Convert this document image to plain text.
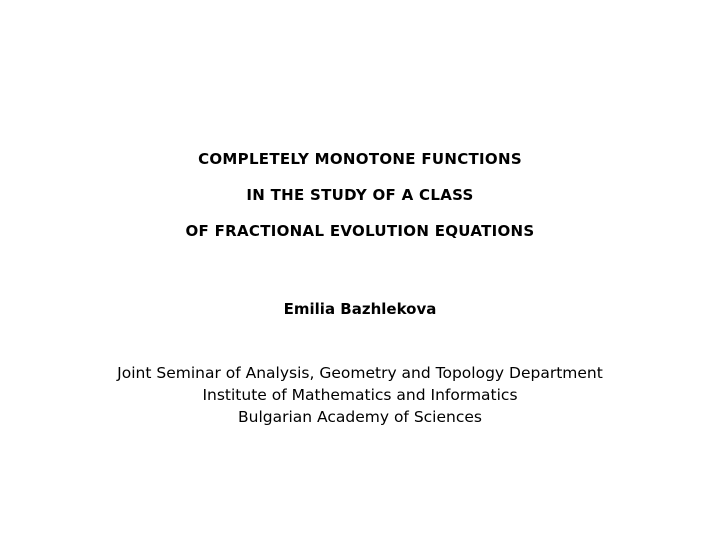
COMPLETELY MONOTONE FUNCTIONS
IN THE STUDY OF A CLASS
OF FRACTIONAL EVOLUTION EQUATIONS
Emilia Bazhlekova
Joint Seminar of Analysis, Geometry and Topology Department
Institute of Mathematics and Informatics
Bulgarian Academy of Sciences
